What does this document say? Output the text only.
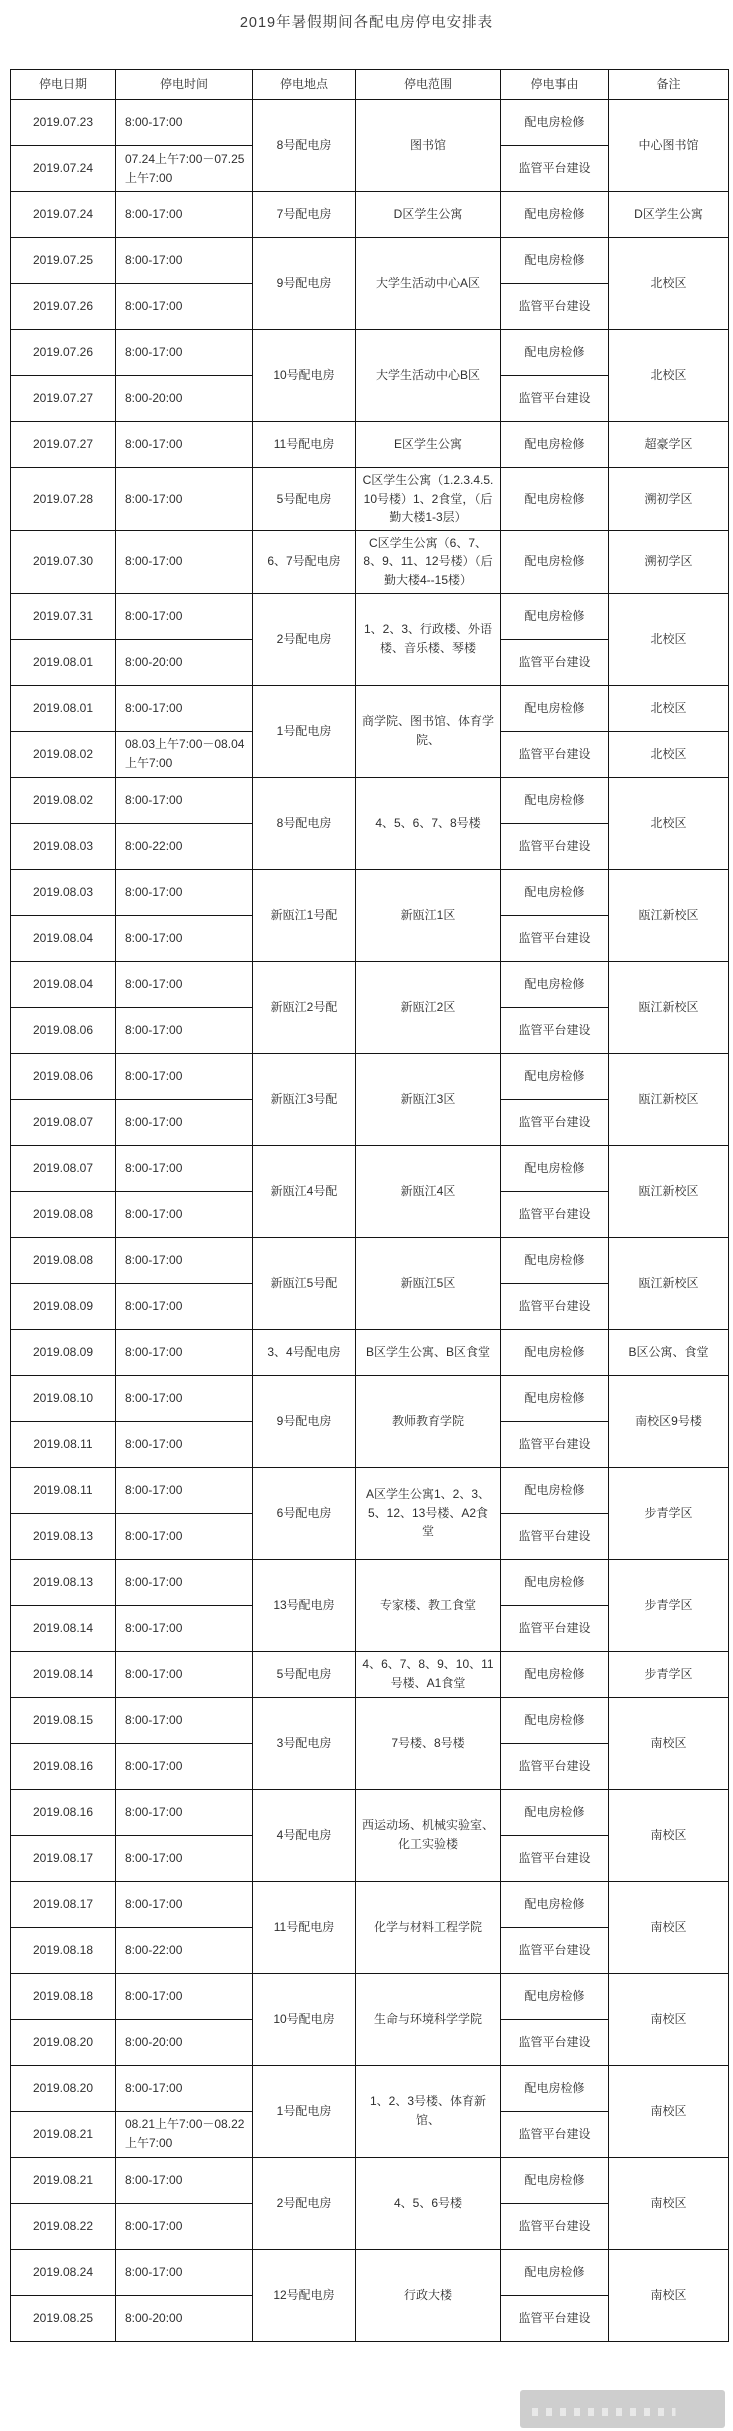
2019年暑假期间各配电房停电安排表
停电日期	停电时间	停电地点	停电范围	停电事由	备注
2019.07.23	8:00-17:00	8号配电房	图书馆	配电房检修	中心图书馆
2019.07.24	07.24上午7:00－07.25上午7:00			监管平台建设	
2019.07.24	8:00-17:00	7号配电房	D区学生公寓	配电房检修	D区学生公寓
2019.07.25	8:00-17:00	9号配电房	大学生活动中心A区	配电房检修	北校区
2019.07.26	8:00-17:00			监管平台建设	
2019.07.26	8:00-17:00	10号配电房	大学生活动中心B区	配电房检修	北校区
2019.07.27	8:00-20:00			监管平台建设	
2019.07.27	8:00-17:00	11号配电房	E区学生公寓	配电房检修	超豪学区
2019.07.28	8:00-17:00	5号配电房	C区学生公寓（1.2.3.4.5.10号楼）1、2食堂，（后勤大楼1-3层）	配电房检修	溯初学区
2019.07.30	8:00-17:00	6、7号配电房	C区学生公寓（6、7、8、9、11、12号楼）（后勤大楼4--15楼）	配电房检修	溯初学区
2019.07.31	8:00-17:00	2号配电房	1、2、3、行政楼、外语楼、音乐楼、琴楼	配电房检修	北校区
2019.08.01	8:00-20:00			监管平台建设	
2019.08.01	8:00-17:00	1号配电房	商学院、图书馆、体育学院、	配电房检修	北校区
2019.08.02	08.03上午7:00－08.04上午7:00			监管平台建设	北校区
2019.08.02	8:00-17:00	8号配电房	4、5、6、7、8号楼	配电房检修	北校区
2019.08.03	8:00-22:00			监管平台建设	
2019.08.03	8:00-17:00	新瓯江1号配	新瓯江1区	配电房检修	瓯江新校区
2019.08.04	8:00-17:00			监管平台建设	
2019.08.04	8:00-17:00	新瓯江2号配	新瓯江2区	配电房检修	瓯江新校区
2019.08.06	8:00-17:00			监管平台建设	
2019.08.06	8:00-17:00	新瓯江3号配	新瓯江3区	配电房检修	瓯江新校区
2019.08.07	8:00-17:00			监管平台建设	
2019.08.07	8:00-17:00	新瓯江4号配	新瓯江4区	配电房检修	瓯江新校区
2019.08.08	8:00-17:00			监管平台建设	
2019.08.08	8:00-17:00	新瓯江5号配	新瓯江5区	配电房检修	瓯江新校区
2019.08.09	8:00-17:00			监管平台建设	
2019.08.09	8:00-17:00	3、4号配电房	B区学生公寓、B区食堂	配电房检修	B区公寓、食堂
2019.08.10	8:00-17:00	9号配电房	教师教育学院	配电房检修	南校区9号楼
2019.08.11	8:00-17:00			监管平台建设	
2019.08.11	8:00-17:00	6号配电房	A区学生公寓1、2、3、5、12、13号楼、A2食堂	配电房检修	步青学区
2019.08.13	8:00-17:00			监管平台建设	
2019.08.13	8:00-17:00	13号配电房	专家楼、教工食堂	配电房检修	步青学区
2019.08.14	8:00-17:00			监管平台建设	
2019.08.14	8:00-17:00	5号配电房	4、6、7、8、9、10、11号楼、A1食堂	配电房检修	步青学区
2019.08.15	8:00-17:00	3号配电房	7号楼、8号楼	配电房检修	南校区
2019.08.16	8:00-17:00			监管平台建设	
2019.08.16	8:00-17:00	4号配电房	西运动场、机械实验室、化工实验楼	配电房检修	南校区
2019.08.17	8:00-17:00			监管平台建设	
2019.08.17	8:00-17:00	11号配电房	化学与材料工程学院	配电房检修	南校区
2019.08.18	8:00-22:00			监管平台建设	
2019.08.18	8:00-17:00	10号配电房	生命与环境科学学院	配电房检修	南校区
2019.08.20	8:00-20:00			监管平台建设	
2019.08.20	8:00-17:00	1号配电房	1、2、3号楼、体育新馆、	配电房检修	南校区
2019.08.21	08.21上午7:00－08.22上午7:00			监管平台建设	
2019.08.21	8:00-17:00	2号配电房	4、5、6号楼	配电房检修	南校区
2019.08.22	8:00-17:00			监管平台建设	
2019.08.24	8:00-17:00	12号配电房	行政大楼	配电房检修	南校区
2019.08.25	8:00-20:00			监管平台建设	
